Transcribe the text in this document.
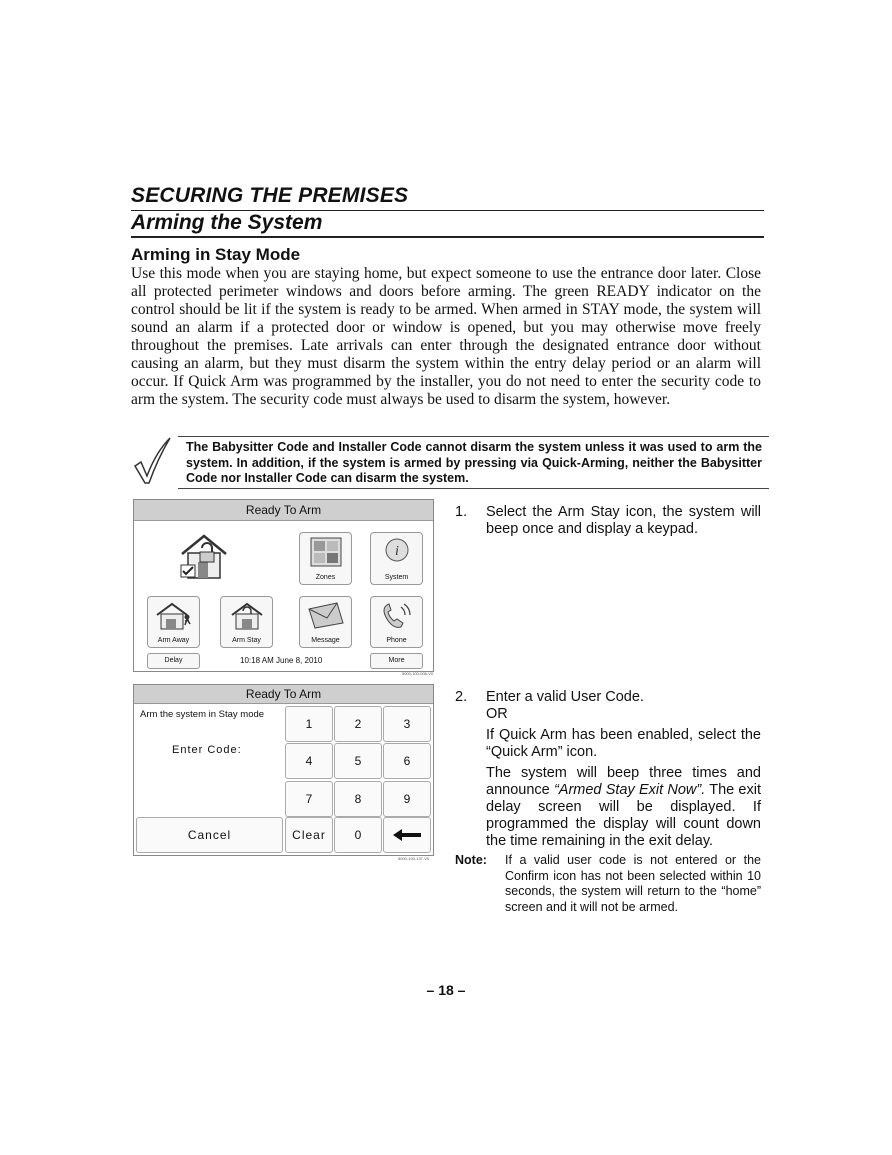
SECURING THE PREMISES
Arming the System
Arming in Stay Mode
Use this mode when you are staying home, but expect someone to use the entrance door later. Close all protected perimeter windows and doors before arming. The green READY indicator on the control should be lit if the system is ready to be armed. When armed in STAY mode, the system will sound an alarm if a protected door or window is opened, but you may otherwise move freely throughout the premises. Late arrivals can enter through the designated entrance door without causing an alarm, but they must disarm the system within the entry delay period or an alarm will occur. If Quick Arm was programmed by the installer, you do not need to enter the security code to arm the system. The security code must always be used to disarm the system, however.
The Babysitter Code and Installer Code cannot disarm the system unless it was used to arm the system. In addition, if the system is armed by pressing via Quick-Arming, neither the Babysitter Code nor Installer Code can disarm the system.
Ready To Arm
Zones
i
System
Arm Away	Arm Stay	Message	Phone
Delay	10:18 AM June 8, 2010	More
5000-100-006-V0
Ready To Arm
Arm the system in Stay mode
Enter Code:
1	2	3
4	5	6
7	8	9
Cancel	Clear	0
5000-100-137-V0
1. Select the Arm Stay icon, the system will beep once and display a keypad.
2. Enter a valid User Code.
OR
If Quick Arm has been enabled, select the “Quick Arm” icon.
The system will beep three times and announce “Armed Stay Exit Now”. The exit delay screen will be displayed. If programmed the display will count down the time remaining in the exit delay.
Note: If a valid user code is not entered or the Confirm icon has not been selected within 10 seconds, the system will return to the “home” screen and it will not be armed.
– 18 –
